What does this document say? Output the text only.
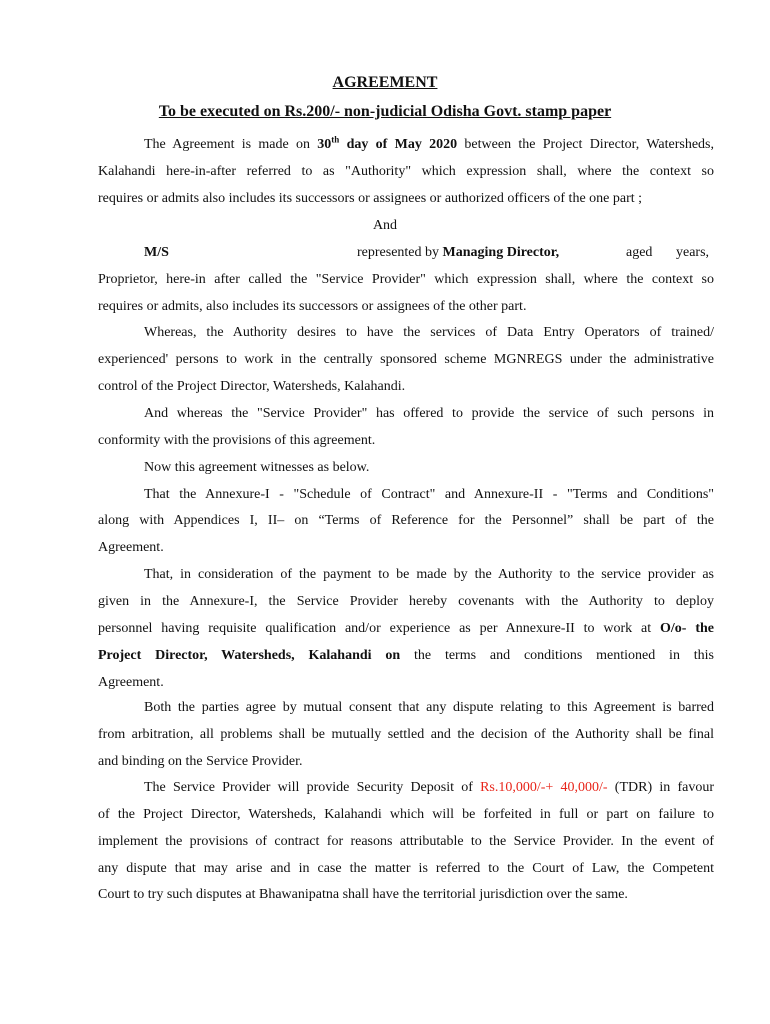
AGREEMENT
To be executed on Rs.200/- non-judicial Odisha Govt. stamp paper
The Agreement is made on 30th day of May 2020 between the Project Director, Watersheds,
Kalahandi here-in-after referred to as "Authority" which expression shall, where the context so
requires or admits also includes its successors or assignees or authorized officers of the one part ;
And
M/S	represented by Managing Director,	aged years,
Proprietor, here-in after called the "Service Provider" which expression shall, where the context so
requires or admits, also includes its successors or assignees of the other part.
Whereas, the Authority desires to have the services of Data Entry Operators of trained/
experienced' persons to work in the centrally sponsored scheme MGNREGS under the administrative
control of the Project Director, Watersheds, Kalahandi.
And whereas the "Service Provider" has offered to provide the service of such persons in
conformity with the provisions of this agreement.
Now this agreement witnesses as below.
That the Annexure-I - "Schedule of Contract" and Annexure-II - "Terms and Conditions"
along with Appendices I, II– on “Terms of Reference for the Personnel” shall be part of the
Agreement.
That, in consideration of the payment to be made by the Authority to the service provider as
given in the Annexure-I, the Service Provider hereby covenants with the Authority to deploy
personnel having requisite qualification and/or experience as per Annexure-II to work at O/o- the
Project Director, Watersheds, Kalahandi on the terms and conditions mentioned in this
Agreement.
Both the parties agree by mutual consent that any dispute relating to this Agreement is barred
from arbitration, all problems shall be mutually settled and the decision of the Authority shall be final
and binding on the Service Provider.
The Service Provider will provide Security Deposit of Rs.10,000/-+ 40,000/- (TDR) in favour
of the Project Director, Watersheds, Kalahandi which will be forfeited in full or part on failure to
implement the provisions of contract for reasons attributable to the Service Provider. In the event of
any dispute that may arise and in case the matter is referred to the Court of Law, the Competent
Court to try such disputes at Bhawanipatna shall have the territorial jurisdiction over the same.
